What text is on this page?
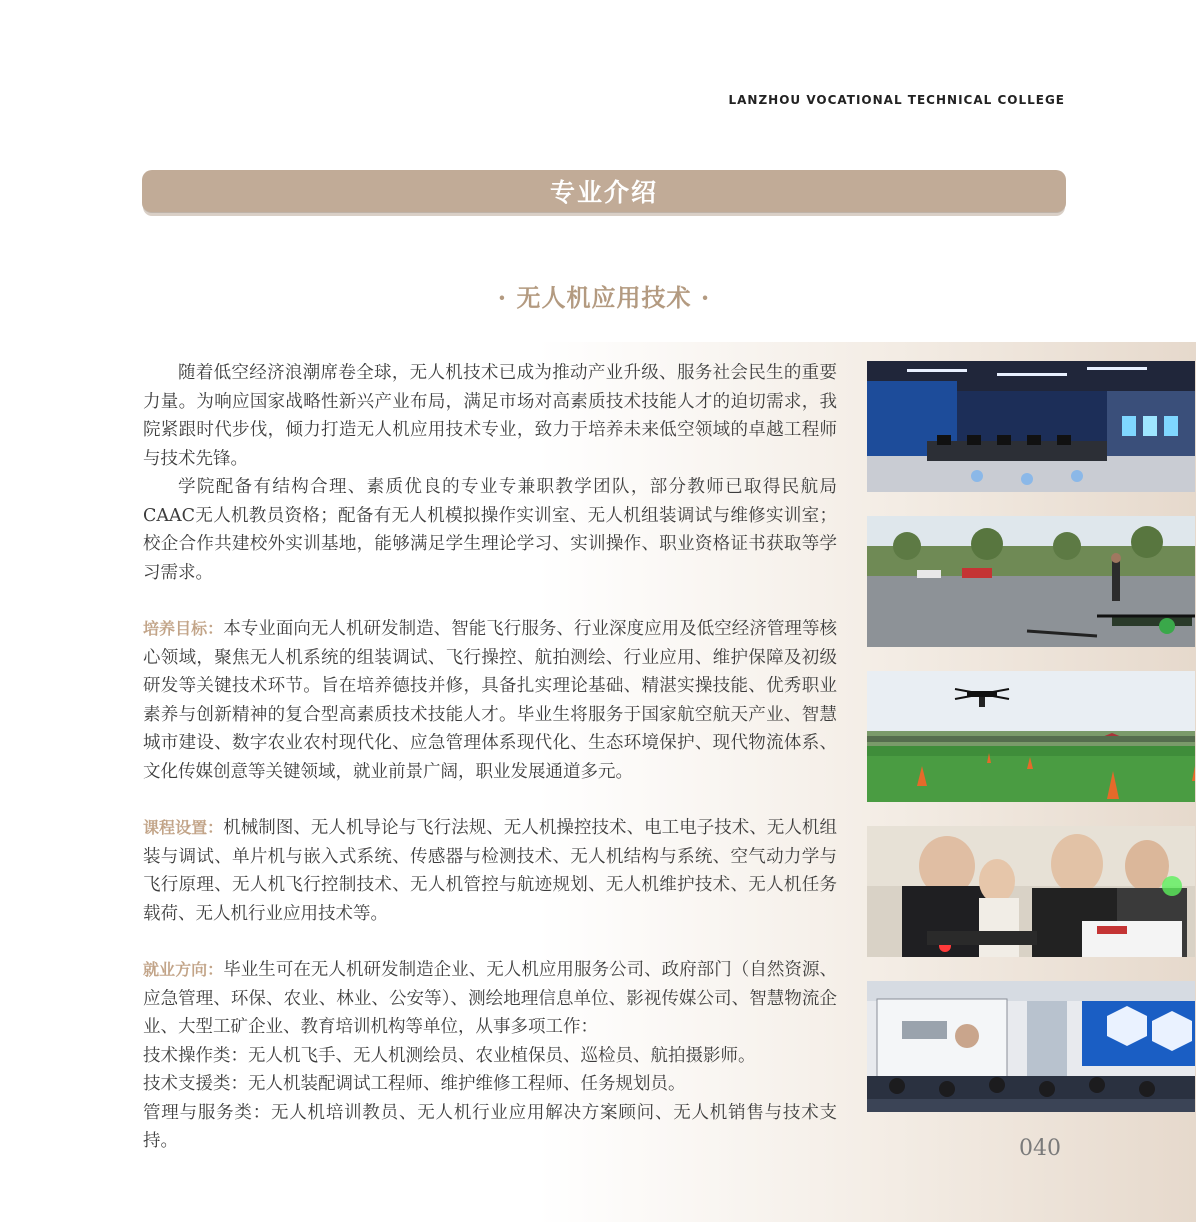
LANZHOU VOCATIONAL TECHNICAL COLLEGE
专业介绍
· 无人机应用技术 ·

随着低空经济浪潮席卷全球，无人机技术已成为推动产业升级、服务社会民生的重要力量。为响应国家战略性新兴产业布局，满足市场对高素质技术技能人才的迫切需求，我院紧跟时代步伐，倾力打造无人机应用技术专业，致力于培养未来低空领域的卓越工程师与技术先锋。

学院配备有结构合理、素质优良的专业专兼职教学团队，部分教师已取得民航局CAAC无人机教员资格；配备有无人机模拟操作实训室、无人机组装调试与维修实训室；校企合作共建校外实训基地，能够满足学生理论学习、实训操作、职业资格证书获取等学习需求。

培养目标：本专业面向无人机研发制造、智能飞行服务、行业深度应用及低空经济管理等核心领域，聚焦无人机系统的组装调试、飞行操控、航拍测绘、行业应用、维护保障及初级研发等关键技术环节。旨在培养德技并修，具备扎实理论基础、精湛实操技能、优秀职业素养与创新精神的复合型高素质技术技能人才。毕业生将服务于国家航空航天产业、智慧城市建设、数字农业农村现代化、应急管理体系现代化、生态环境保护、现代物流体系、文化传媒创意等关键领域，就业前景广阔，职业发展通道多元。

课程设置：机械制图、无人机导论与飞行法规、无人机操控技术、电工电子技术、无人机组装与调试、单片机与嵌入式系统、传感器与检测技术、无人机结构与系统、空气动力学与飞行原理、无人机飞行控制技术、无人机管控与航迹规划、无人机维护技术、无人机任务载荷、无人机行业应用技术等。

就业方向：毕业生可在无人机研发制造企业、无人机应用服务公司、政府部门（自然资源、应急管理、环保、农业、林业、公安等）、测绘地理信息单位、影视传媒公司、智慧物流企业、大型工矿企业、教育培训机构等单位，从事多项工作：

技术操作类：无人机飞手、无人机测绘员、农业植保员、巡检员、航拍摄影师。

技术支援类：无人机装配调试工程师、维护维修工程师、任务规划员。

管理与服务类：无人机培训教员、无人机行业应用解决方案顾问、无人机销售与技术支持。	040
